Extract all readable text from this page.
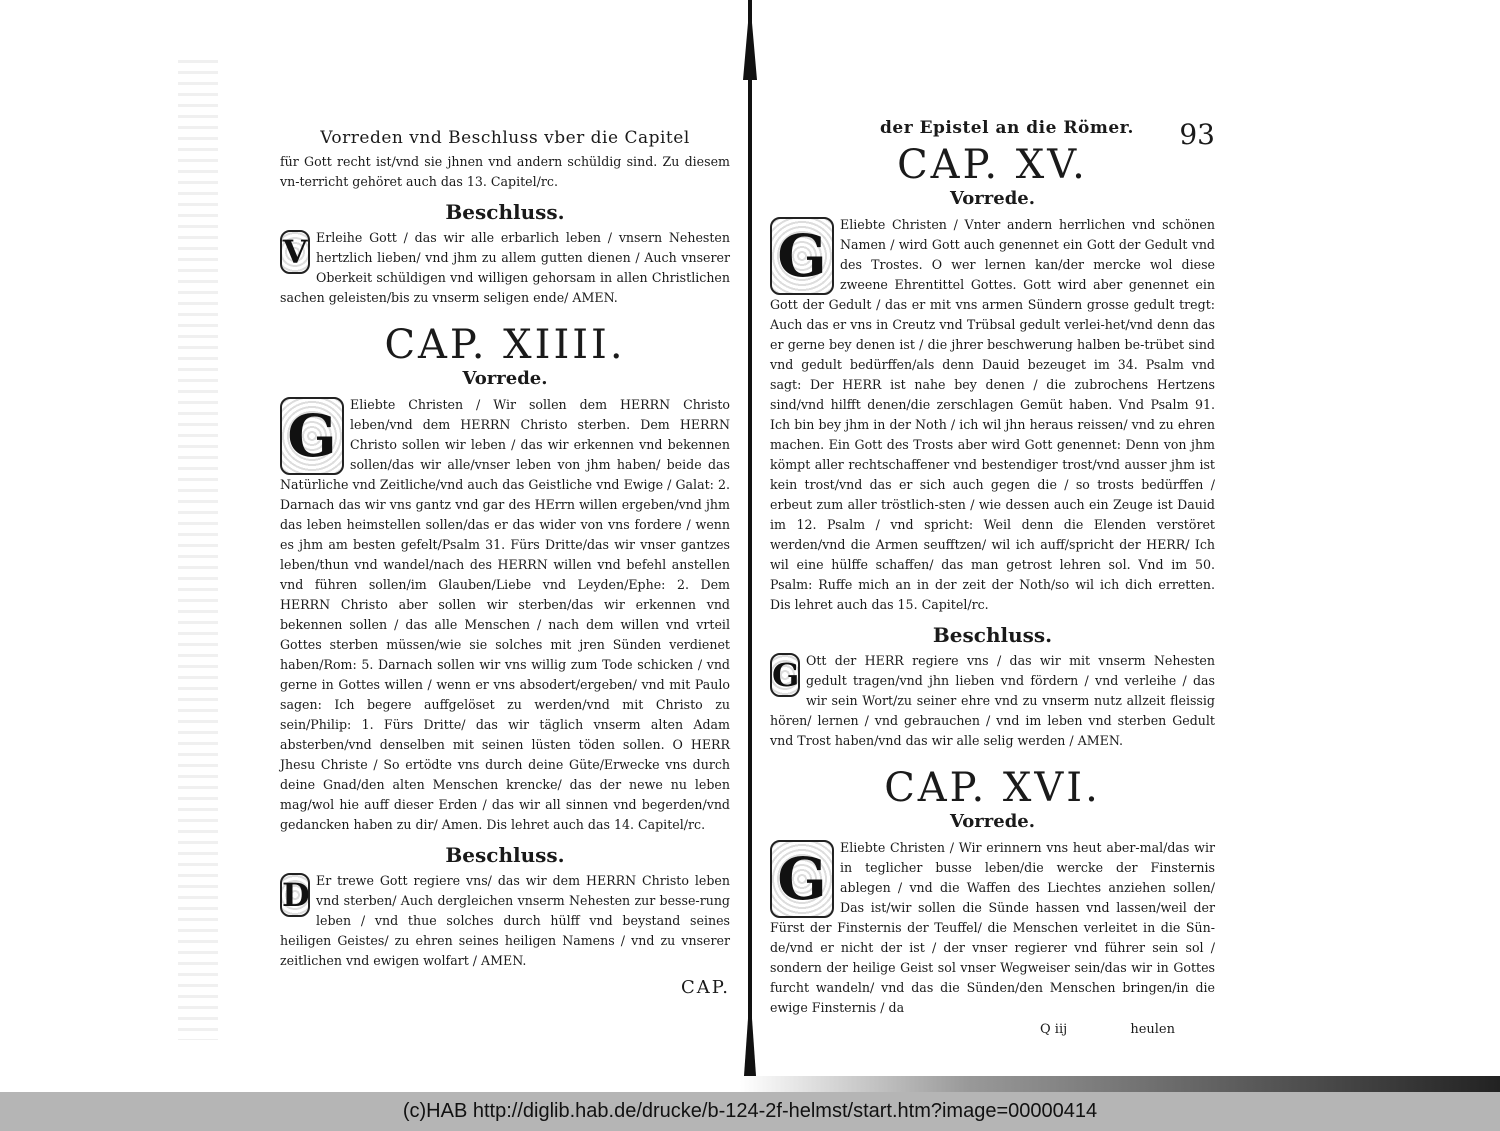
Vorreden vnd Beschluss vber die Capitel

für Gott recht ist/vnd sie jhnen vnd andern schüldig sind. Zu diesem vn-terricht gehöret auch das 13. Capitel/rc.

Beschluss.

V Erleihe Gott / das wir alle erbarlich leben / vnsern Nehesten hertzlich lieben/ vnd jhm zu allem gutten dienen / Auch vnserer Oberkeit schüldigen vnd willigen gehorsam in allen Christlichen sachen geleisten/bis zu vnserm seligen ende/ AMEN.

CAP. XIIII.

Vorrede.

G	Eliebte Christen / Wir sollen dem HERRN Christo leben/vnd dem HERRN Christo sterben. Dem HERRN Christo sollen wir leben / das wir erkennen vnd bekennen sollen/das wir alle/vnser leben von jhm haben/ beide das Natürliche vnd Zeitliche/vnd auch das Geistliche vnd Ewige / Galat: 2. Darnach das wir vns gantz vnd gar des HErrn willen ergeben/vnd jhm das leben heimstellen sollen/das er das wider von vns fordere / wenn es jhm am besten gefelt/Psalm 31. Fürs Dritte/das wir vnser gantzes leben/thun vnd wandel/nach des HERRN willen vnd befehl anstellen vnd führen sollen/im Glauben/Liebe vnd Leyden/Ephe: 2. Dem HERRN Christo aber sollen wir sterben/das wir erkennen vnd bekennen sollen / das alle Menschen / nach dem willen vnd vrteil Gottes sterben müssen/wie sie solches mit jren Sünden verdienet haben/Rom: 5. Darnach sollen wir vns willig zum Tode schicken / vnd gerne in Gottes willen / wenn er vns absodert/ergeben/ vnd mit Paulo sagen: Ich begere auffgelöset zu werden/vnd mit Christo zu sein/Philip: 1. Fürs Dritte/ das wir täglich vnserm alten Adam absterben/vnd denselben mit seinen lüsten töden sollen. O HERR Jhesu Christe / So ertödte vns durch deine Güte/Erwecke vns durch deine Gnad/den alten Menschen krencke/ das der newe nu leben mag/wol hie auff dieser Erden / das wir all sinnen vnd begerden/vnd gedancken haben zu dir/ Amen. Dis lehret auch das 14. Capitel/rc.

Beschluss.

D Er trewe Gott regiere vns/ das wir dem HERRN Christo leben vnd sterben/ Auch dergleichen vnserm Nehesten zur besse-rung leben / vnd thue solches durch hülff vnd beystand seines heiligen Geistes/ zu ehren seines heiligen Namens / vnd zu vnserer zeitlichen vnd ewigen wolfart / AMEN.

CAP.

der Epistel an die Römer.	93

CAP. XV.

Vorrede.

G	Eliebte Christen / Vnter andern herrlichen vnd schönen Namen / wird Gott auch genennet ein Gott der Gedult vnd des Trostes. O wer lernen kan/der mercke wol diese zweene Ehrentittel Gottes. Gott wird aber genennet ein Gott der Gedult / das er mit vns armen Sündern grosse gedult tregt: Auch das er vns in Creutz vnd Trübsal gedult verlei-het/vnd denn das er gerne bey denen ist / die jhrer beschwerung halben be-trübet sind vnd gedult bedürffen/als denn Dauid bezeuget im 34. Psalm vnd sagt: Der HERR ist nahe bey denen / die zubrochens Hertzens sind/vnd hilfft denen/die zerschlagen Gemüt haben. Vnd Psalm 91. Ich bin bey jhm in der Noth / ich wil jhn heraus reissen/ vnd zu ehren machen. Ein Gott des Trosts aber wird Gott genennet: Denn von jhm kömpt aller rechtschaffener vnd bestendiger trost/vnd ausser jhm ist kein trost/vnd das er sich auch gegen die / so trosts bedürffen / erbeut zum aller tröstlich-sten / wie dessen auch ein Zeuge ist Dauid im 12. Psalm / vnd spricht: Weil denn die Elenden verstöret werden/vnd die Armen seufftzen/ wil ich auff/spricht der HERR/ Ich wil eine hülffe schaffen/ das man getrost lehren sol. Vnd im 50. Psalm: Ruffe mich an in der zeit der Noth/so wil ich dich erretten. Dis lehret auch das 15. Capitel/rc.

Beschluss.

G Ott der HERR regiere vns / das wir mit vnserm Nehesten gedult tragen/vnd jhn lieben vnd fördern / vnd verleihe / das wir sein Wort/zu seiner ehre vnd zu vnserm nutz allzeit fleissig hören/ lernen / vnd gebrauchen / vnd im leben vnd sterben Gedult vnd Trost haben/vnd das wir alle selig werden / AMEN.

CAP. XVI.

Vorrede.

G	Eliebte Christen / Wir erinnern vns heut aber-mal/das wir in teglicher busse leben/die wercke der Finsternis ablegen / vnd die Waffen des Liechtes anziehen sollen/ Das ist/wir sollen die Sünde hassen vnd lassen/weil der Fürst der Finsternis der Teuffel/ die Menschen verleitet in die Sün-de/vnd er nicht der ist / der vnser regierer vnd führer sein sol / sondern der heilige Geist sol vnser Wegweiser sein/das wir in Gottes furcht wandeln/ vnd das die Sünden/den Menschen bringen/in die ewige Finsternis / da

Q iij	heulen
(c)HAB http://diglib.hab.de/drucke/b-124-2f-helmst/start.htm?image=00000414
